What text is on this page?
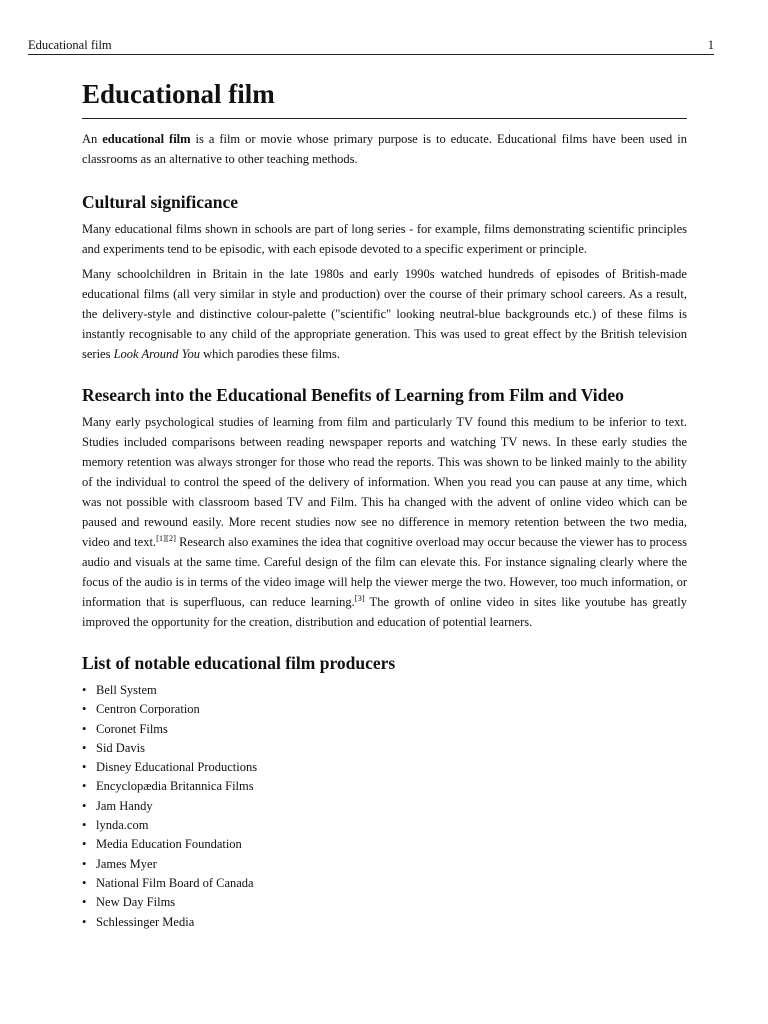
Educational film	1
Educational film

An educational film is a film or movie whose primary purpose is to educate. Educational films have been used in classrooms as an alternative to other teaching methods.

Cultural significance

Many educational films shown in schools are part of long series - for example, films demonstrating scientific principles and experiments tend to be episodic, with each episode devoted to a specific experiment or principle.

Many schoolchildren in Britain in the late 1980s and early 1990s watched hundreds of episodes of British-made educational films (all very similar in style and production) over the course of their primary school careers. As a result, the delivery-style and distinctive colour-palette ("scientific" looking neutral-blue backgrounds etc.) of these films is instantly recognisable to any child of the appropriate generation. This was used to great effect by the British television series Look Around You which parodies these films.

Research into the Educational Benefits of Learning from Film and Video

Many early psychological studies of learning from film and particularly TV found this medium to be inferior to text. Studies included comparisons between reading newspaper reports and watching TV news. In these early studies the memory retention was always stronger for those who read the reports. This was shown to be linked mainly to the ability of the individual to control the speed of the delivery of information. When you read you can pause at any time, which was not possible with classroom based TV and Film. This ha changed with the advent of online video which can be paused and rewound easily. More recent studies now see no difference in memory retention between the two media, video and text.[1][2] Research also examines the idea that cognitive overload may occur because the viewer has to process audio and visuals at the same time. Careful design of the film can elevate this. For instance signaling clearly where the focus of the audio is in terms of the video image will help the viewer merge the two. However, too much information, or information that is superfluous, can reduce learning.[3] The growth of online video in sites like youtube has greatly improved the opportunity for the creation, distribution and education of potential learners.

List of notable educational film producers
• Bell System
• Centron Corporation
• Coronet Films
• Sid Davis
• Disney Educational Productions
• Encyclopædia Britannica Films
• Jam Handy
• lynda.com
• Media Education Foundation
• James Myer
• National Film Board of Canada
• New Day Films
• Schlessinger Media
